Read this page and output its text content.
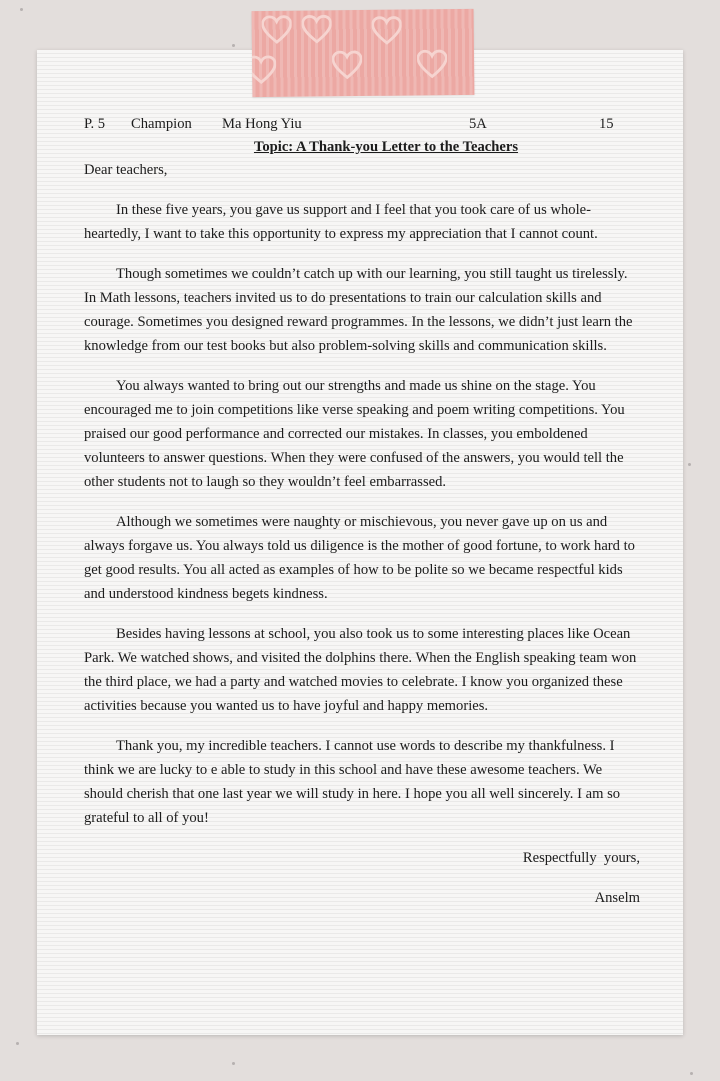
P. 5 Champion Ma Hong Yiu	5A	15
Topic: A Thank-you Letter to the Teachers
Dear teachers,

In these five years, you gave us support and I feel that you took care of us whole-heartedly, I want to take this opportunity to express my appreciation that I cannot count.

Though sometimes we couldn’t catch up with our learning, you still taught us tirelessly. In Math lessons, teachers invited us to do presentations to train our calculation skills and courage. Sometimes you designed reward programmes. In the lessons, we didn’t just learn the knowledge from our test books but also problem-solving skills and communication skills.

You always wanted to bring out our strengths and made us shine on the stage. You encouraged me to join competitions like verse speaking and poem writing competitions. You praised our good performance and corrected our mistakes. In classes, you emboldened volunteers to answer questions. When they were confused of the answers, you would tell the other students not to laugh so they wouldn’t feel embarrassed.

Although we sometimes were naughty or mischievous, you never gave up on us and always forgave us. You always told us diligence is the mother of good fortune, to work hard to get good results. You all acted as examples of how to be polite so we became respectful kids and understood kindness begets kindness.

Besides having lessons at school, you also took us to some interesting places like Ocean Park. We watched shows, and visited the dolphins there. When the English speaking team won the third place, we had a party and watched movies to celebrate. I know you organized these activities because you wanted us to have joyful and happy memories.

Thank you, my incredible teachers. I cannot use words to describe my thankfulness. I think we are lucky to e able to study in this school and have these awesome teachers. We should cherish that one last year we will study in here. I hope you all well sincerely. I am so grateful to all of you!

Respectfully  yours,
Anselm
